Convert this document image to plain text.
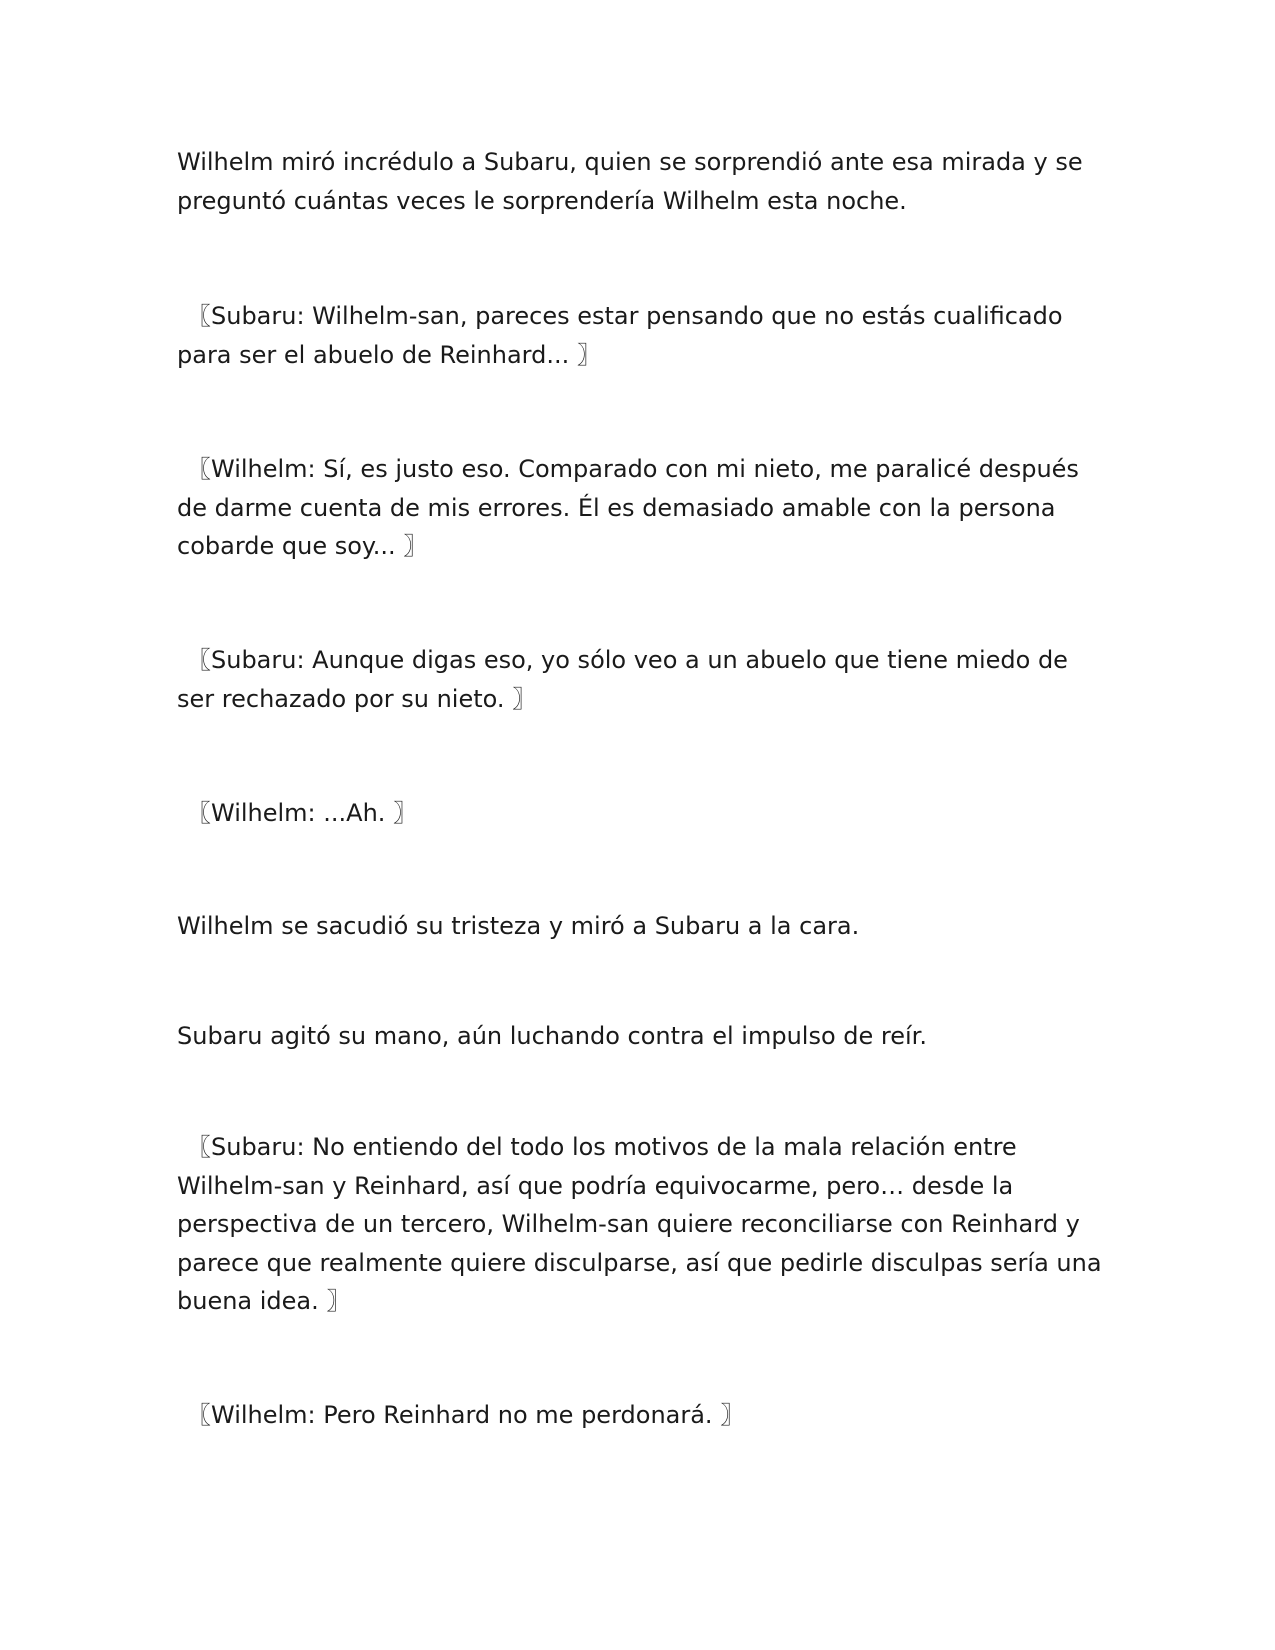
Wilhelm miró incrédulo a Subaru, quien se sorprendió ante esa mirada y se preguntó cuántas veces le sorprendería Wilhelm esta noche.

〖Subaru: Wilhelm-san, pareces estar pensando que no estás cualificado para ser el abuelo de Reinhard... 〗

〖Wilhelm: Sí, es justo eso. Comparado con mi nieto, me paralicé después de darme cuenta de mis errores. Él es demasiado amable con la persona cobarde que soy... 〗

〖Subaru: Aunque digas eso, yo sólo veo a un abuelo que tiene miedo de ser rechazado por su nieto. 〗

〖Wilhelm: ...Ah. 〗

Wilhelm se sacudió su tristeza y miró a Subaru a la cara.

Subaru agitó su mano, aún luchando contra el impulso de reír.

〖Subaru: No entiendo del todo los motivos de la mala relación entre Wilhelm-san y Reinhard, así que podría equivocarme, pero… desde la perspectiva de un tercero, Wilhelm-san quiere reconciliarse con Reinhard y parece que realmente quiere disculparse, así que pedirle disculpas sería una buena idea. 〗

〖Wilhelm: Pero Reinhard no me perdonará. 〗
